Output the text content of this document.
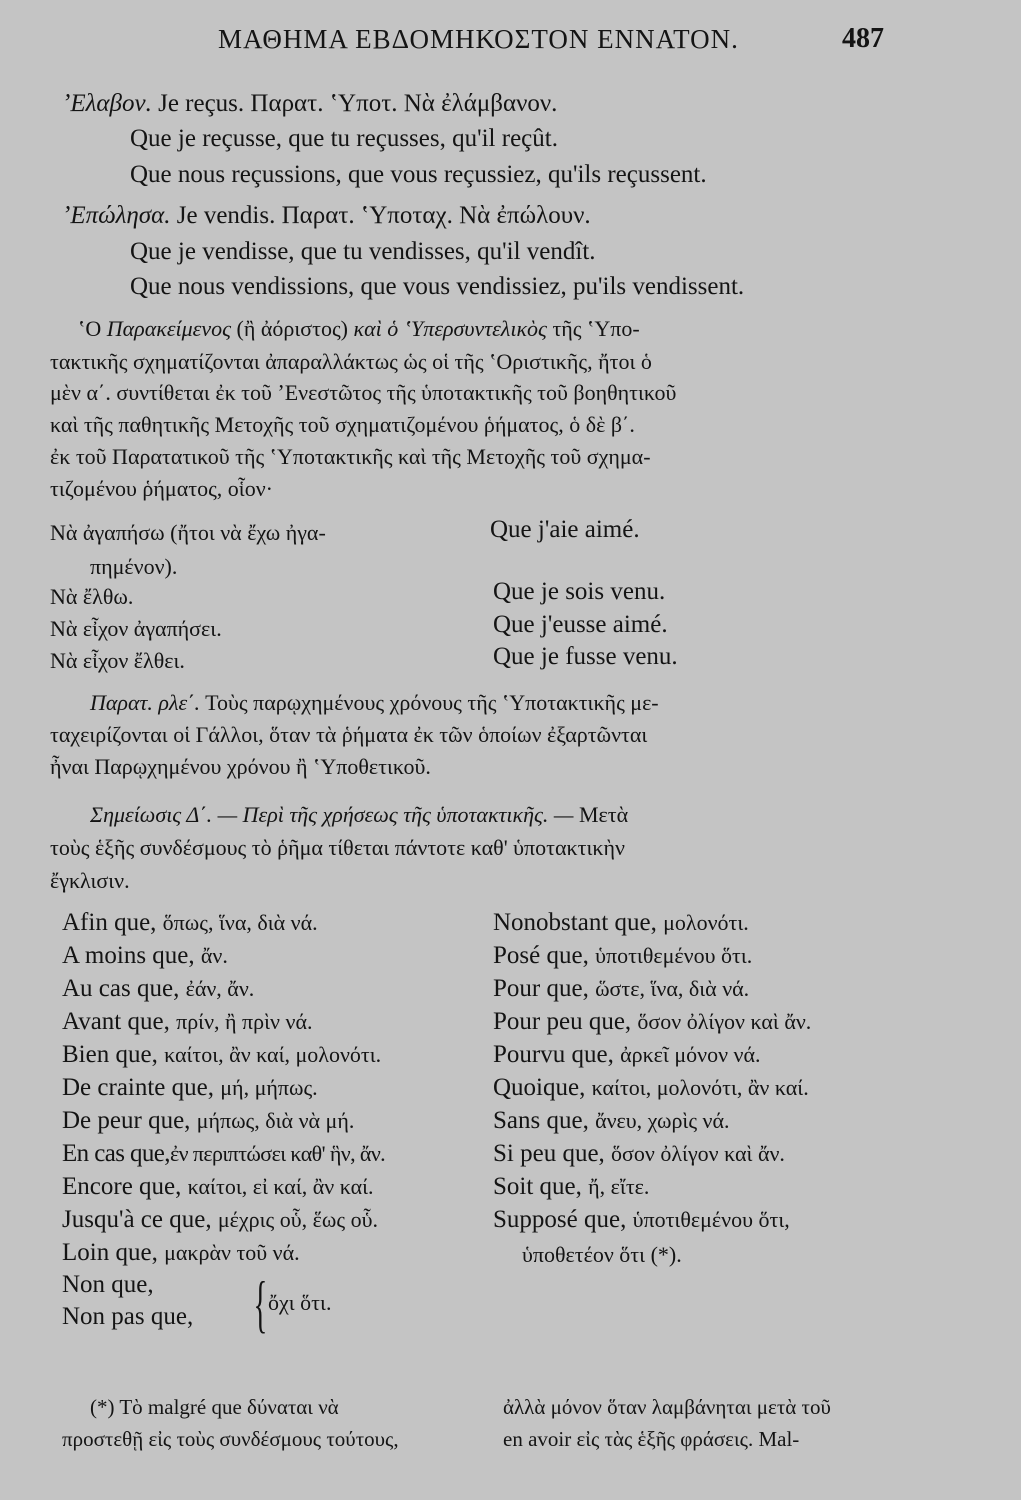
ΜΑΘΗΜΑ ΕΒΔΟΜΗΚΟΣΤΟΝ ΕΝΝΑΤΟΝ.	487
ʼΕλαβον. Je reçus. Παρατ. ʽΥποτ. Νὰ ἐλάμβανον.
Que je reçusse, que tu reçusses, qu'il reçût.
Que nous reçussions, que vous reçussiez, qu'ils reçussent.
ʼΕπώλησα. Je vendis. Παρατ. ʽΥποταχ. Νὰ ἐπώλουν.
Que je vendisse, que tu vendisses, qu'il vendît.
Que nous vendissions, que vous vendissiez, pu'ils vendissent.
ʽΟ Παρακείμενος (ἢ ἀόριστος) καὶ ὁ ʽΥπερσυντελικὸς τῆς ʽΥπο-
τακτικῆς σχηματίζονται ἀπαραλλάκτως ὡς οἱ τῆς ʽΟριστικῆς, ἤτοι ὁ
μὲν α΄. συντίθεται ἐκ τοῦ ʼΕνεστῶτος τῆς ὑποτακτικῆς τοῦ βοηθητικοῦ
καὶ τῆς παθητικῆς Μετοχῆς τοῦ σχηματιζομένου ῥήματος, ὁ δὲ β΄.
ἐκ τοῦ Παρατατικοῦ τῆς ʽΥποτακτικῆς καὶ τῆς Μετοχῆς τοῦ σχημα-
τιζομένου ῥήματος, οἷον·
Νὰ ἀγαπήσω (ἤτοι νὰ ἔχω ἠγα-	Que j'aie aimé.
πημένον).
Νὰ ἔλθω.	Que je sois venu.
Νὰ εἶχον ἀγαπήσει.	Que j'eusse aimé.
Νὰ εἶχον ἔλθει.	Que je fusse venu.
Παρατ. ρλε΄. Τοὺς παρῳχημένους χρόνους τῆς ʽΥποτακτικῆς με-
ταχειρίζονται οἱ Γάλλοι, ὅταν τὰ ῥήματα ἐκ τῶν ὁποίων ἐξαρτῶνται
ἦναι Παρῳχημένου χρόνου ἢ ʽΥποθετικοῦ.
Σημείωσις Δ΄. — Περὶ τῆς χρήσεως τῆς ὑποτακτικῆς. — Μετὰ
τοὺς ἑξῆς συνδέσμους τὸ ῥῆμα τίθεται πάντοτε καθ' ὑποτακτικὴν
ἔγκλισιν.
Afin que, ὅπως, ἵνα, διὰ νά.
A moins que, ἄν.
Au cas que, ἐάν, ἄν.
Avant que, πρίν, ἢ πρὶν νά.
Bien que, καίτοι, ἂν καί, μολονότι.
De crainte que, μή, μήπως.
De peur que, μήπως, διὰ νὰ μή.
En cas que,ἐν περιπτώσει καθ' ἣν, ἄν.
Encore que, καίτοι, εἰ καί, ἂν καί.
Jusqu'à ce que, μέχρις οὗ, ἕως οὗ.
Loin que, μακρὰν τοῦ νά.
Non que,
Non pas que, { ὄχι ὅτι.
Nonobstant que, μολονότι.
Posé que, ὑποτιθεμένου ὅτι.
Pour que, ὥστε, ἵνα, διὰ νά.
Pour peu que, ὅσον ὀλίγον καὶ ἄν.
Pourvu que, ἀρκεῖ μόνον νά.
Quoique, καίτοι, μολονότι, ἂν καί.
Sans que, ἄνευ, χωρὶς νά.
Si peu que, ὅσον ὀλίγον καὶ ἄν.
Soit que, ἤ, εἴτε.
Supposé que, ὑποτιθεμένου ὅτι,
ὑποθετέον ὅτι (*).
(*) Τὸ malgré que δύναται νὰ
προστεθῇ εἰς τοὺς συνδέσμους τούτους,
ἀλλὰ μόνον ὅταν λαμβάνηται μετὰ τοῦ
en avoir εἰς τὰς ἑξῆς φράσεις. Mal-
